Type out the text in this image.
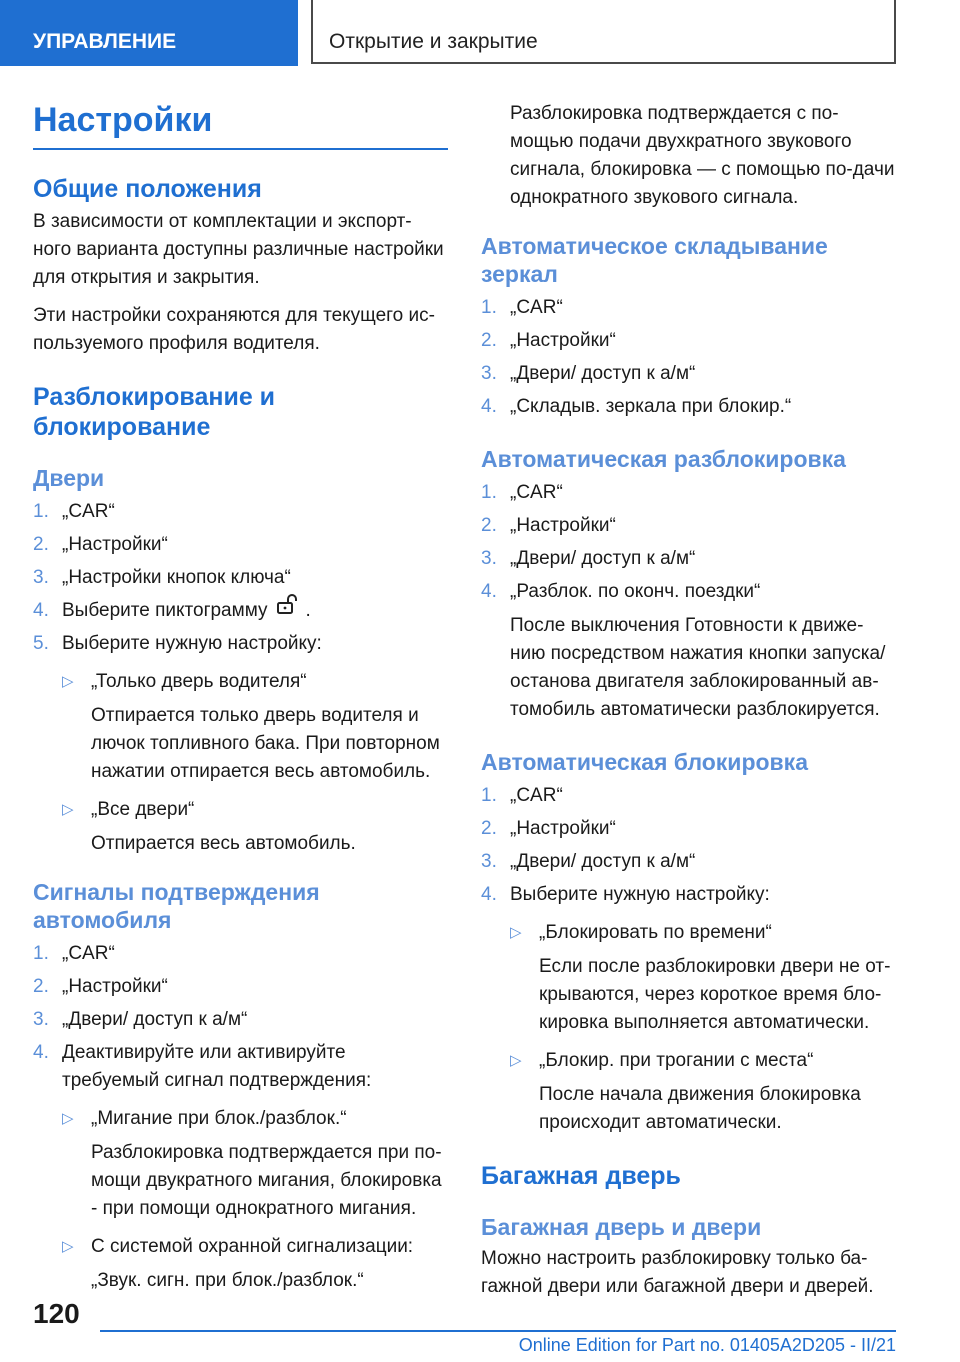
УПРАВЛЕНИЕ	Открытие и закрытие
Настройки
Общие положения

В зависимости от комплектации и экспорт-ного варианта доступны различные настройки для открытия и закрытия.

Эти настройки сохраняются для текущего ис-пользуемого профиля водителя.

Разблокирование и блокирование
Двери
1. „CAR“
2. „Настройки“
3. „Настройки кнопок ключа“
4. Выберите пиктограмму .
5. Выберите нужную настройку:
▷ „Только дверь водителя“
Отпирается только дверь водителя и лючок топливного бака. При повторном нажатии отпирается весь автомобиль.
▷ „Все двери“
Отпирается весь автомобиль.
Сигналы подтверждения автомобиля
1. „CAR“
2. „Настройки“
3. „Двери/ доступ к а/м“
4. Деактивируйте или активируйте требуемый сигнал подтверждения:
▷ „Мигание при блок./разблок.“
Разблокировка подтверждается при по-мощи двукратного мигания, блокировка - при помощи однократного мигания.
▷ С системой охранной сигнализации:
„Звук. сигн. при блок./разблок.“
Разблокировка подтверждается с по-мощью подачи двухкратного звукового сигнала, блокировка — с помощью по-дачи однократного звукового сигнала.
Автоматическое складывание зеркал
1. „CAR“
2. „Настройки“
3. „Двери/ доступ к а/м“
4. „Складыв. зеркала при блокир.“
Автоматическая разблокировка
1. „CAR“
2. „Настройки“
3. „Двери/ доступ к а/м“
4. „Разблок. по оконч. поездки“
После выключения Готовности к движе-нию посредством нажатия кнопки запуска/останова двигателя заблокированный ав-томобиль автоматически разблокируется.
Автоматическая блокировка
1. „CAR“
2. „Настройки“
3. „Двери/ доступ к а/м“
4. Выберите нужную настройку:
▷ „Блокировать по времени“
Если после разблокировки двери не от-крываются, через короткое время бло-кировка выполняется автоматически.
▷ „Блокир. при трогании с места“
После начала движения блокировка происходит автоматически.
Багажная дверь
Багажная дверь и двери

Можно настроить разблокировку только ба-гажной двери или багажной двери и дверей.

120
Online Edition for Part no. 01405A2D205 - II/21
